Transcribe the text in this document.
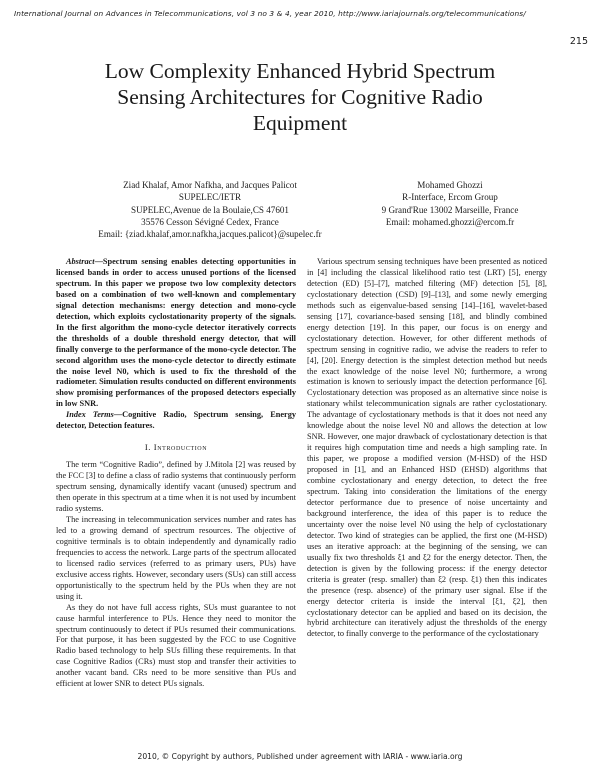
International Journal on Advances in Telecommunications, vol 3 no 3 & 4, year 2010, http://www.iariajournals.org/telecommunications/
215
Low Complexity Enhanced Hybrid Spectrum
Sensing Architectures for Cognitive Radio
Equipment
Ziad Khalaf, Amor Nafkha, and Jacques Palicot
SUPELEC/IETR
SUPELEC,Avenue de la Boulaie,CS 47601
35576 Cesson Sévigné Cedex, France
Email: {ziad.khalaf,amor.nafkha,jacques.palicot}@supelec.fr
Mohamed Ghozzi
R-Interface, Ercom Group
9 Grand'Rue 13002 Marseille, France
Email: mohamed.ghozzi@ercom.fr

Abstract—Spectrum sensing enables detecting opportunities in licensed bands in order to access unused portions of the licensed spectrum. In this paper we propose two low complexity detectors based on a combination of two well-known and complementary signal detection mechanisms: energy detection and mono-cycle detection, which exploits cyclostationarity property of the signals. In the first algorithm the mono-cycle detector iteratively corrects the thresholds of a double threshold energy detector, that will finally converge to the performance of the mono-cycle detector. The second algorithm uses the mono-cycle detector to directly estimate the noise level N0, which is used to fix the threshold of the radiometer. Simulation results conducted on different environments show promising performances of the proposed detectors especially in low SNR.

Index Terms—Cognitive Radio, Spectrum sensing, Energy detector, Detection features.

I. Introduction

The term “Cognitive Radio”, defined by J.Mitola [2] was reused by the FCC [3] to define a class of radio systems that continuously perform spectrum sensing, dynamically identify vacant (unused) spectrum and then operate in this spectrum at a time when it is not used by incumbent radio systems.

The increasing in telecommunication services number and rates has led to a growing demand of spectrum resources. The objective of cognitive terminals is to obtain independently and dynamically radio frequencies to access the network. Large parts of the spectrum allocated to licensed radio services (referred to as primary users, PUs) have exclusive access rights. However, secondary users (SUs) can still access opportunistically to the spectrum held by the PUs when they are not using it.

As they do not have full access rights, SUs must guarantee to not cause harmful interference to PUs. Hence they need to monitor the spectrum continuously to detect if PUs resumed their communications. For that purpose, it has been suggested by the FCC to use Cognitive Radio based technology to help SUs filling these requirements. In that case Cognitive Radios (CRs) must stop and transfer their activities to another vacant band. CRs need to be more sensitive than PUs and efficient at lower SNR to detect PUs signals.

Various spectrum sensing techniques have been presented as noticed in [4] including the classical likelihood ratio test (LRT) [5], energy detection (ED) [5]–[7], matched filtering (MF) detection [5], [8], cyclostationary detection (CSD) [9]–[13], and some newly emerging methods such as eigenvalue-based sensing [14]–[16], wavelet-based sensing [17], covariance-based sensing [18], and blindly combined energy detection [19]. In this paper, our focus is on energy and cyclostationary detection. However, for other different methods of spectrum sensing in cognitive radio, we advise the readers to refer to [4], [20]. Energy detection is the simplest detection method but needs the exact knowledge of the noise level N0; furthermore, a wrong estimation is known to seriously impact the detection performance [6]. Cyclostationary detection was proposed as an alternative since noise is stationary whilst telecommunication signals are rather cyclostationary. The advantage of cyclostationary methods is that it does not need any knowledge about the noise level N0 and allows the detection at low SNR. However, one major drawback of cyclostationary detection is that it requires high computation time and needs a high sampling rate. In this paper, we propose a modified version (M-HSD) of the HSD proposed in [1], and an Enhanced HSD (EHSD) algorithms that combine cyclostationary and energy detection, to detect the free spectrum. Taking into consideration the limitations of the energy detector performance due to presence of noise uncertainty and background interference, the idea of this paper is to reduce the uncertainty over the noise level N0 using the help of cyclostationary detector. Two kind of strategies can be applied, the first one (M-HSD) uses an iterative approach: at the beginning of the sensing, we can usually fix two thresholds ξ1 and ξ2 for the energy detector. Then, the detection is given by the following process: if the energy detector criteria is greater (resp. smaller) than ξ2 (resp. ξ1) then this indicates the presence (resp. absence) of the primary user signal. Else if the energy detector criteria is inside the interval [ξ1, ξ2], then cyclostationary detector can be applied and based on its decision, the hybrid architecture can iteratively adjust the thresholds of the energy detector, to finally converge to the performance of the cyclostationary

2010, © Copyright by authors, Published under agreement with IARIA - www.iaria.org
